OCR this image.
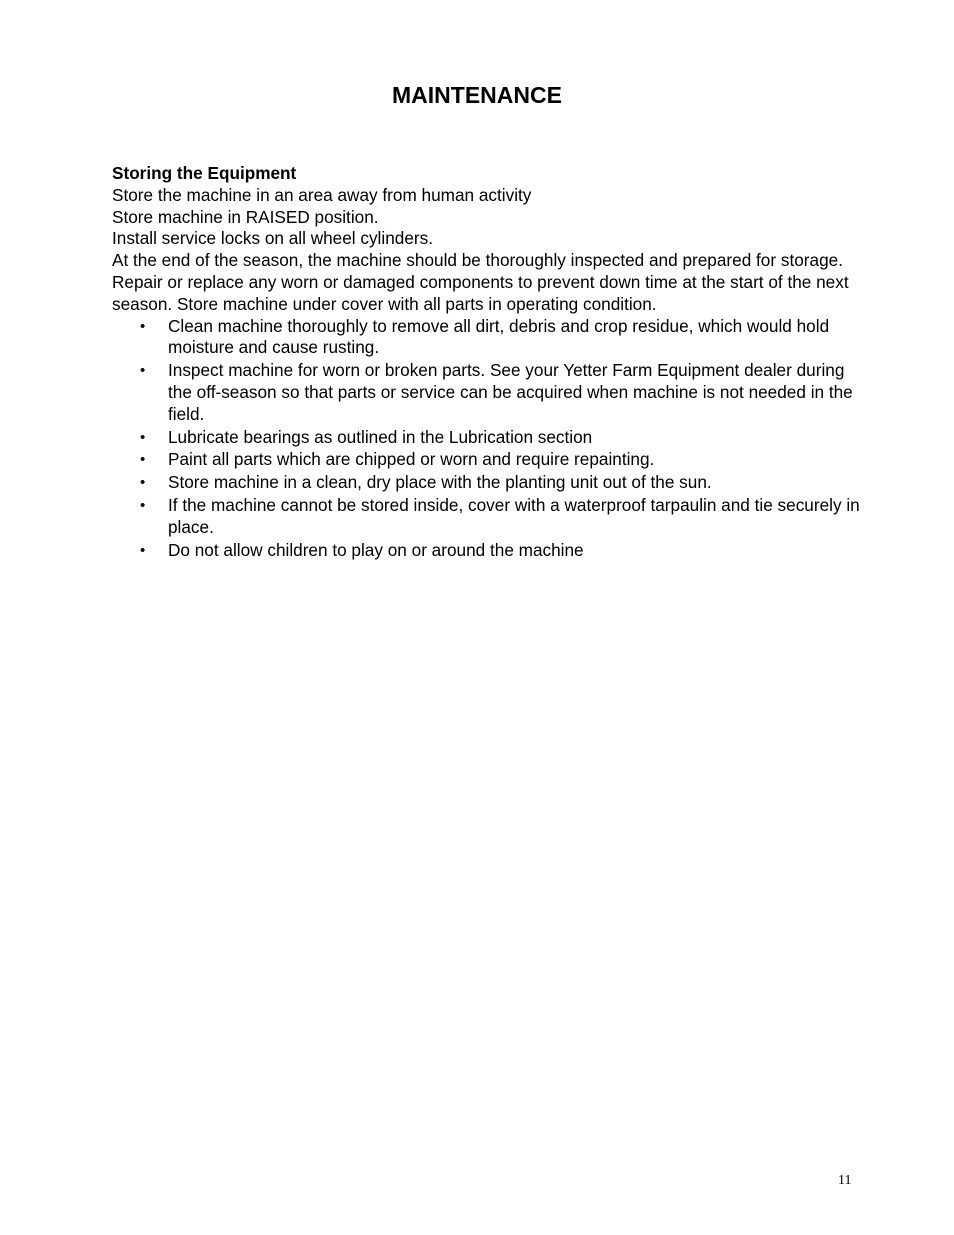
MAINTENANCE

Storing the Equipment

Store the machine in an area away from human activity

Store machine in RAISED position.

Install service locks on all wheel cylinders.

At the end of the season, the machine should be thoroughly inspected and prepared for storage. Repair or replace any worn or damaged components to prevent down time at the start of the next season. Store machine under cover with all parts in operating condition.

• Clean machine thoroughly to remove all dirt, debris and crop residue, which would hold moisture and cause rusting.
• Inspect machine for worn or broken parts. See your Yetter Farm Equipment dealer during the off-season so that parts or service can be acquired when machine is not needed in the field.
• Lubricate bearings as outlined in the Lubrication section
• Paint all parts which are chipped or worn and require repainting.
• Store machine in a clean, dry place with the planting unit out of the sun.
• If the machine cannot be stored inside, cover with a waterproof tarpaulin and tie securely in place.
• Do not allow children to play on or around the machine
11
